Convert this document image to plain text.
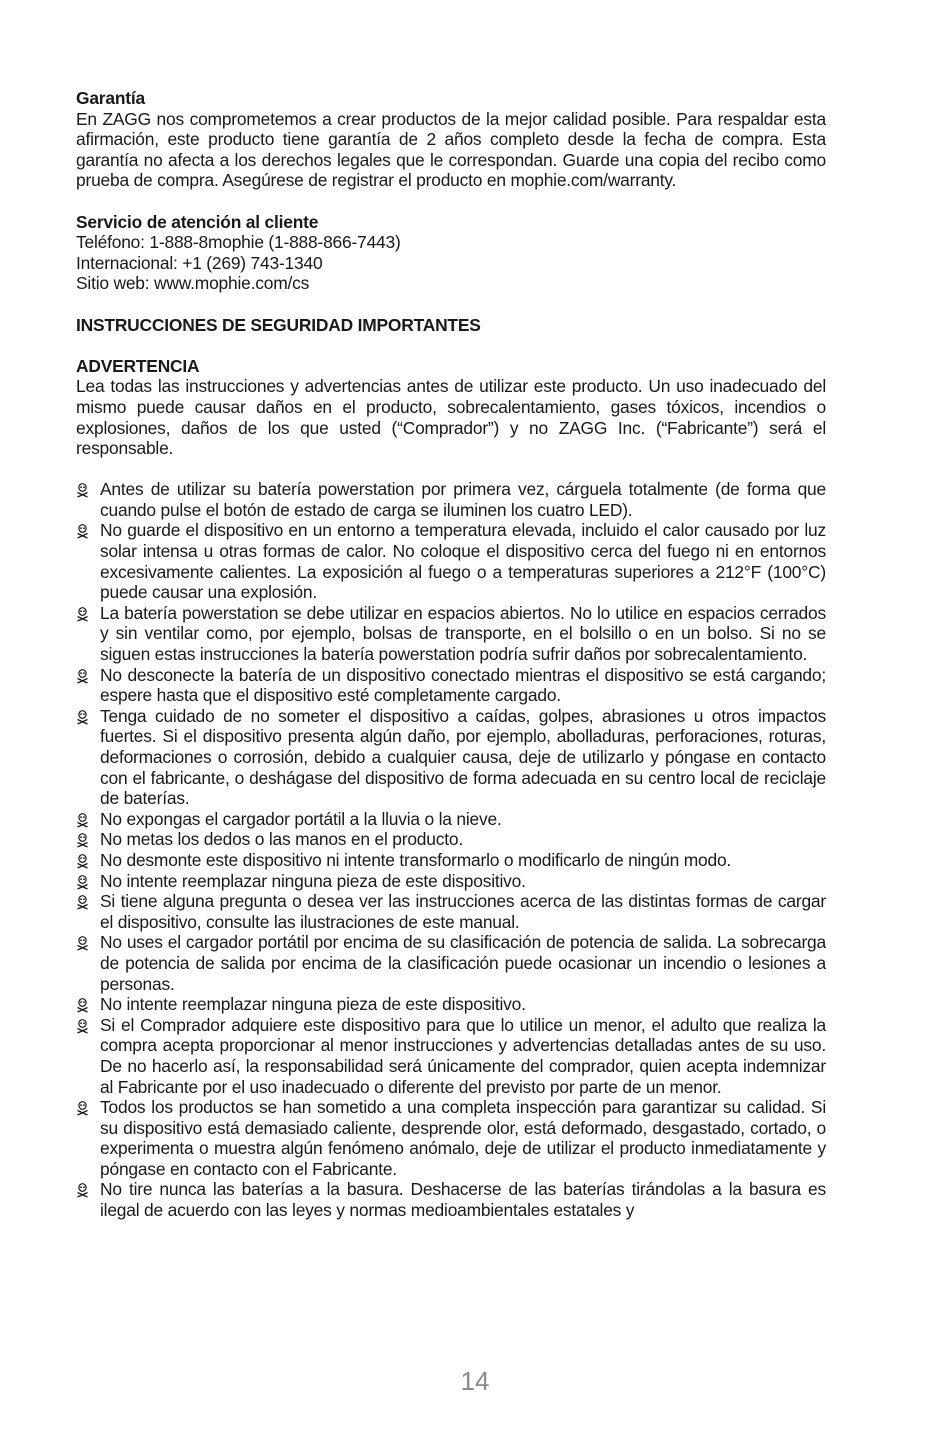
Garantía

En ZAGG nos comprometemos a crear productos de la mejor calidad posible. Para respaldar esta afirmación, este producto tiene garantía de 2 años completo desde la fecha de compra. Esta garantía no afecta a los derechos legales que le correspondan. Guarde una copia del recibo como prueba de compra. Asegúrese de registrar el producto en mophie.com/warranty.

Servicio de atención al cliente
Teléfono: 1-888-8mophie (1-888-866-7443)
Internacional: +1 (269) 743-1340
Sitio web: www.mophie.com/cs
INSTRUCCIONES DE SEGURIDAD IMPORTANTES
ADVERTENCIA

Lea todas las instrucciones y advertencias antes de utilizar este producto. Un uso inadecuado del mismo puede causar daños en el producto, sobrecalentamiento, gases tóxicos, incendios o explosiones, daños de los que usted (“Comprador”) y no ZAGG Inc. (“Fabricante”) será el responsable.

Antes de utilizar su batería powerstation por primera vez, cárguela totalmente (de forma que cuando pulse el botón de estado de carga se iluminen los cuatro LED).
No guarde el dispositivo en un entorno a temperatura elevada, incluido el calor causado por luz solar intensa u otras formas de calor. No coloque el dispositivo cerca del fuego ni en entornos excesivamente calientes. La exposición al fuego o a temperaturas superiores a 212°F (100°C) puede causar una explosión.
La batería powerstation se debe utilizar en espacios abiertos. No lo utilice en espacios cerrados y sin ventilar como, por ejemplo, bolsas de transporte, en el bolsillo o en un bolso. Si no se siguen estas instrucciones la batería powerstation podría sufrir daños por sobrecalentamiento.
No desconecte la batería de un dispositivo conectado mientras el dispositivo se está cargando; espere hasta que el dispositivo esté completamente cargado.
Tenga cuidado de no someter el dispositivo a caídas, golpes, abrasiones u otros impactos fuertes. Si el dispositivo presenta algún daño, por ejemplo, abolladuras, perforaciones, roturas, deformaciones o corrosión, debido a cualquier causa, deje de utilizarlo y póngase en contacto con el fabricante, o deshágase del dispositivo de forma adecuada en su centro local de reciclaje de baterías.
No expongas el cargador portátil a la lluvia o la nieve.
No metas los dedos o las manos en el producto.
No desmonte este dispositivo ni intente transformarlo o modificarlo de ningún modo.
No intente reemplazar ninguna pieza de este dispositivo.
Si tiene alguna pregunta o desea ver las instrucciones acerca de las distintas formas de cargar el dispositivo, consulte las ilustraciones de este manual.
No uses el cargador portátil por encima de su clasificación de potencia de salida. La sobrecarga de potencia de salida por encima de la clasificación puede ocasionar un incendio o lesiones a personas.
No intente reemplazar ninguna pieza de este dispositivo.
Si el Comprador adquiere este dispositivo para que lo utilice un menor, el adulto que realiza la compra acepta proporcionar al menor instrucciones y advertencias detalladas antes de su uso. De no hacerlo así, la responsabilidad será únicamente del comprador, quien acepta indemnizar al Fabricante por el uso inadecuado o diferente del previsto por parte de un menor.
Todos los productos se han sometido a una completa inspección para garantizar su calidad. Si su dispositivo está demasiado caliente, desprende olor, está deformado, desgastado, cortado, o experimenta o muestra algún fenómeno anómalo, deje de utilizar el producto inmediatamente y póngase en contacto con el Fabricante.
No tire nunca las baterías a la basura. Deshacerse de las baterías tirándolas a la basura es ilegal de acuerdo con las leyes y normas medioambientales estatales y
14
